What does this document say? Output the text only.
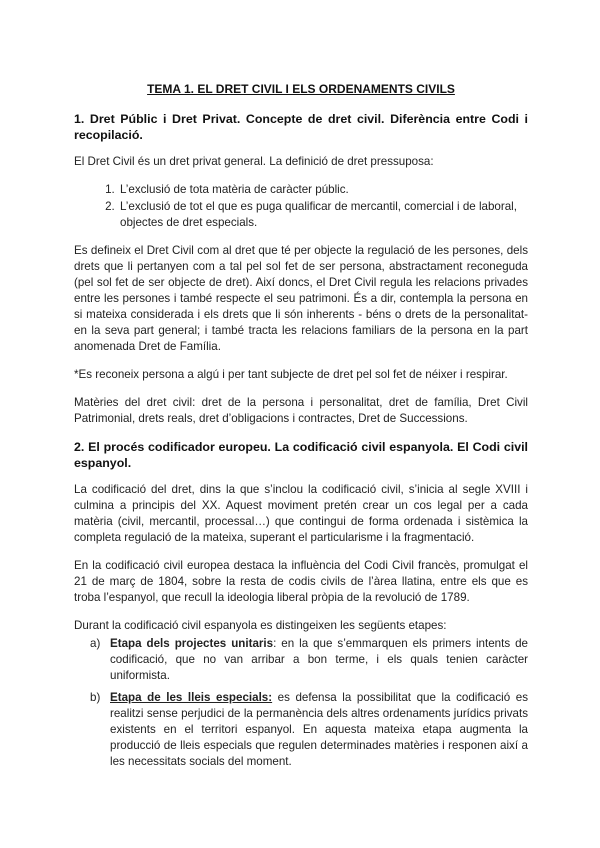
TEMA 1. EL DRET CIVIL I ELS ORDENAMENTS CIVILS
1. Dret Públic i Dret Privat. Concepte de dret civil. Diferència entre Codi i recopilació.

El Dret Civil és un dret privat general. La definició de dret pressuposa:

1. L’exclusió de tota matèria de caràcter públic.
2. L’exclusió de tot el que es puga qualificar de mercantil, comercial i de laboral, objectes de dret especials.

Es defineix el Dret Civil com al dret que té per objecte la regulació de les persones, dels drets que li pertanyen com a tal pel sol fet de ser persona, abstractament reconeguda (pel sol fet de ser objecte de dret). Així doncs, el Dret Civil regula les relacions privades entre les persones i també respecte el seu patrimoni. És a dir, contempla la persona en si mateixa considerada i els drets que li són inherents - béns o drets de la personalitat- en la seva part general; i també tracta les relacions familiars de la persona en la part anomenada Dret de Família.

*Es reconeix persona a algú i per tant subjecte de dret pel sol fet de néixer i respirar.

Matèries del dret civil: dret de la persona i personalitat, dret de família, Dret Civil Patrimonial, drets reals, dret d’obligacions i contractes, Dret de Successions.

2. El procés codificador europeu. La codificació civil espanyola. El Codi civil espanyol.

La codificació del dret, dins la que s’inclou la codificació civil, s’inicia al segle XVIII i culmina a principis del XX. Aquest moviment pretén crear un cos legal per a cada matèria (civil, mercantil, processal…) que contingui de forma ordenada i sistèmica la completa regulació de la mateixa, superant el particularisme i la fragmentació.

En la codificació civil europea destaca la influència del Codi Civil francès, promulgat el 21 de març de 1804, sobre la resta de codis civils de l’àrea llatina, entre els que es troba l’espanyol, que recull la ideologia liberal pròpia de la revolució de 1789.

Durant la codificació civil espanyola es distingeixen les següents etapes:

a) Etapa dels projectes unitaris: en la que s’emmarquen els primers intents de codificació, que no van arribar a bon terme, i els quals tenien caràcter uniformista.
b) Etapa de les lleis especials: es defensa la possibilitat que la codificació es realitzi sense perjudici de la permanència dels altres ordenaments jurídics privats existents en el territori espanyol. En aquesta mateixa etapa augmenta la producció de lleis especials que regulen determinades matèries i responen així a les necessitats socials del moment.
